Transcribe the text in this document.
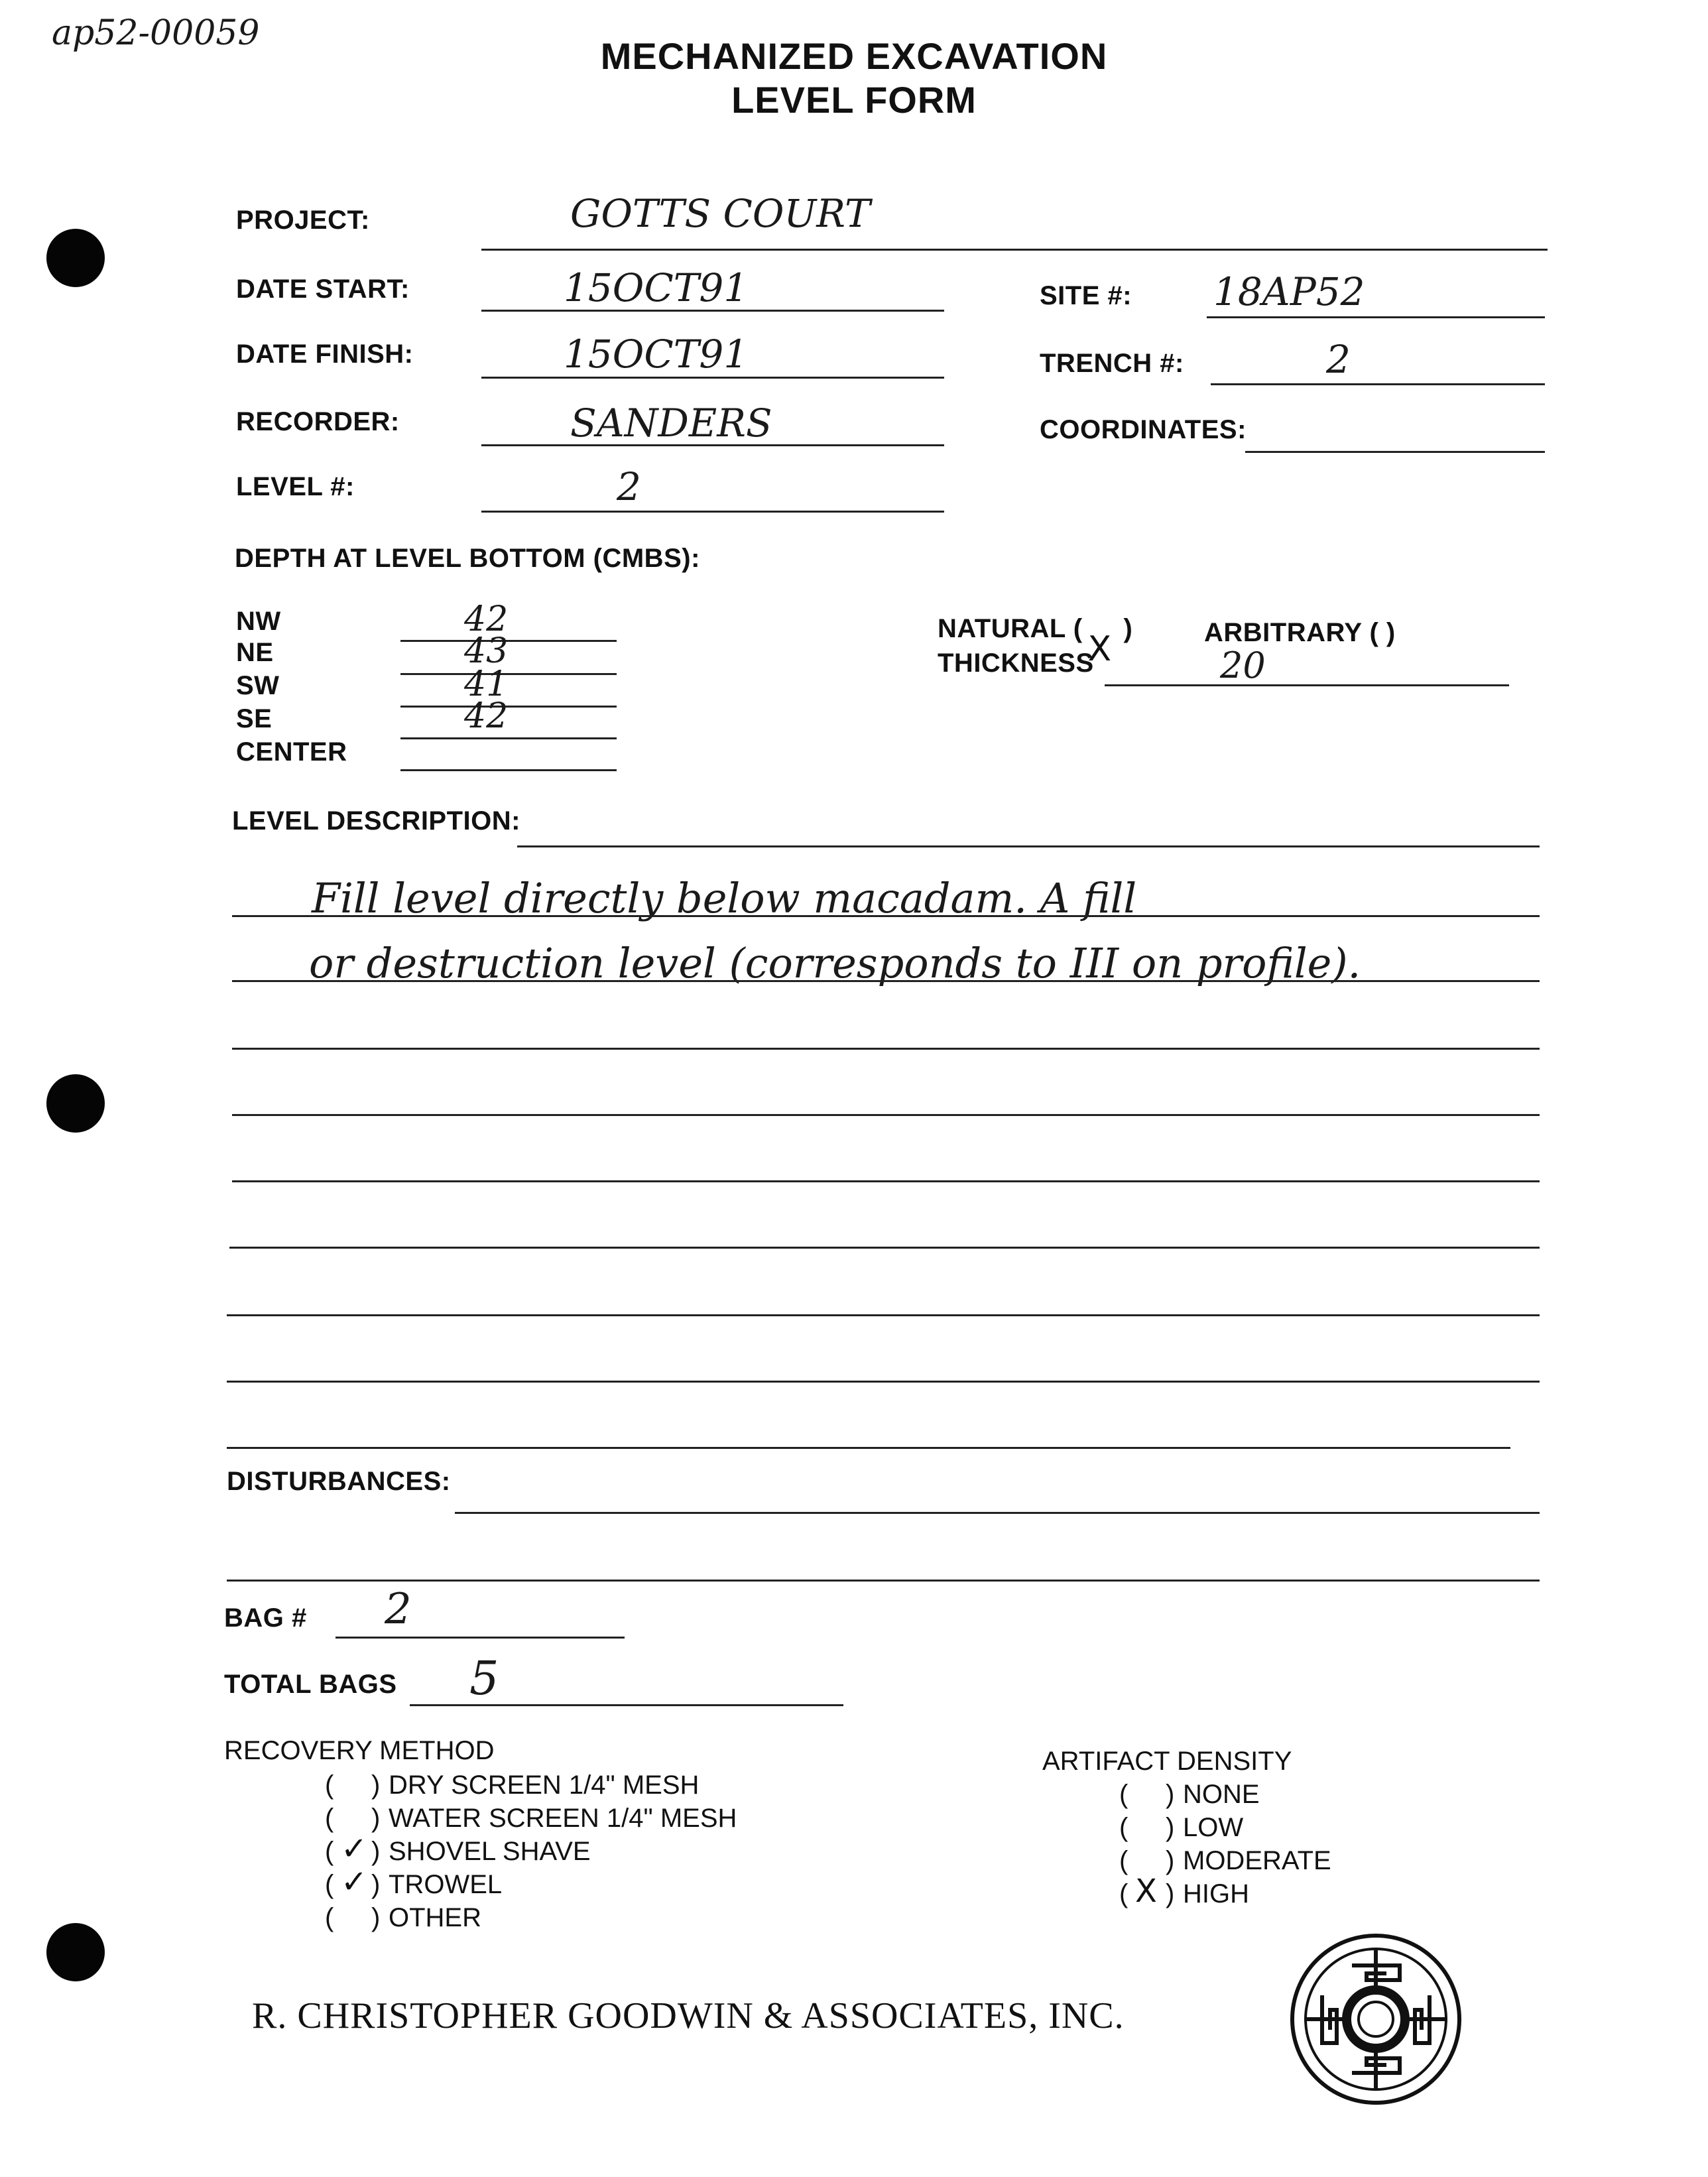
ap52-00059
MECHANIZED EXCAVATION
LEVEL FORM
PROJECT:	GOTTS COURT
DATE START:	15OCT91
DATE FINISH:	15OCT91
RECORDER:	SANDERS
LEVEL #:	2
SITE #: 18AP52
TRENCH #:	2
COORDINATES:
DEPTH AT LEVEL BOTTOM (CMBS):
NW	42
NE	43
SW	41
SE	42
CENTER
NATURAL (
X
)	ARBITRARY ( )
THICKNESS	20
LEVEL DESCRIPTION:
Fill level directly below macadam. A fill
or destruction level (corresponds to III on profile).
DISTURBANCES:
BAG # 2
TOTAL BAGS 5
RECOVERY METHOD
( ) DRY SCREEN 1/4" MESH
( ) WATER SCREEN 1/4" MESH
( ✓ ) SHOVEL SHAVE
( ✓ ) TROWEL
( ) OTHER
ARTIFACT DENSITY
( ) NONE
( ) LOW
( ) MODERATE
( X ) HIGH
R. CHRISTOPHER GOODWIN & ASSOCIATES, INC.
